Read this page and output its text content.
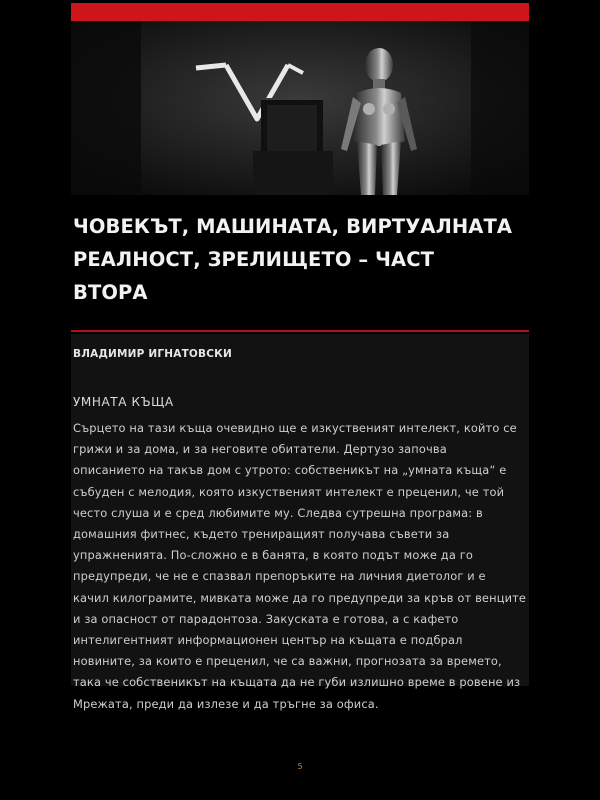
ЧОВЕКЪТ, МАШИНАТА, ВИРТУАЛНАТА
РЕАЛНОСТ, ЗРЕЛИЩЕТО – ЧАСТ
ВТОРА
ВЛАДИМИР ИГНАТОВСКИ
УМНАТА КЪЩА
Сърцето на тази къща очевидно ще е изкуственият интелект, който се
грижи и за дома, и за неговите обитатели. Дертузо започва
описанието на такъв дом с утрото: собственикът на „умната къща“ е
събуден с мелодия, която изкуственият интелект е преценил, че той
често слуша и е сред любимите му. Следва сутрешна програма: в
домашния фитнес, където трениращият получава съвети за
упражненията. По-сложно е в банята, в която подът може да го
предупреди, че не е спазвал препоръките на личния диетолог и е
качил килограмите, мивката може да го предупреди за кръв от венците
и за опасност от парадонтоза. Закуската е готова, а с кафето
интелигентният информационен център на къщата е подбрал
новините, за които е преценил, че са важни, прогнозата за времето,
така че собственикът на къщата да не губи излишно време в ровене из
Мрежата, преди да излезе и да тръгне за офиса.
5
